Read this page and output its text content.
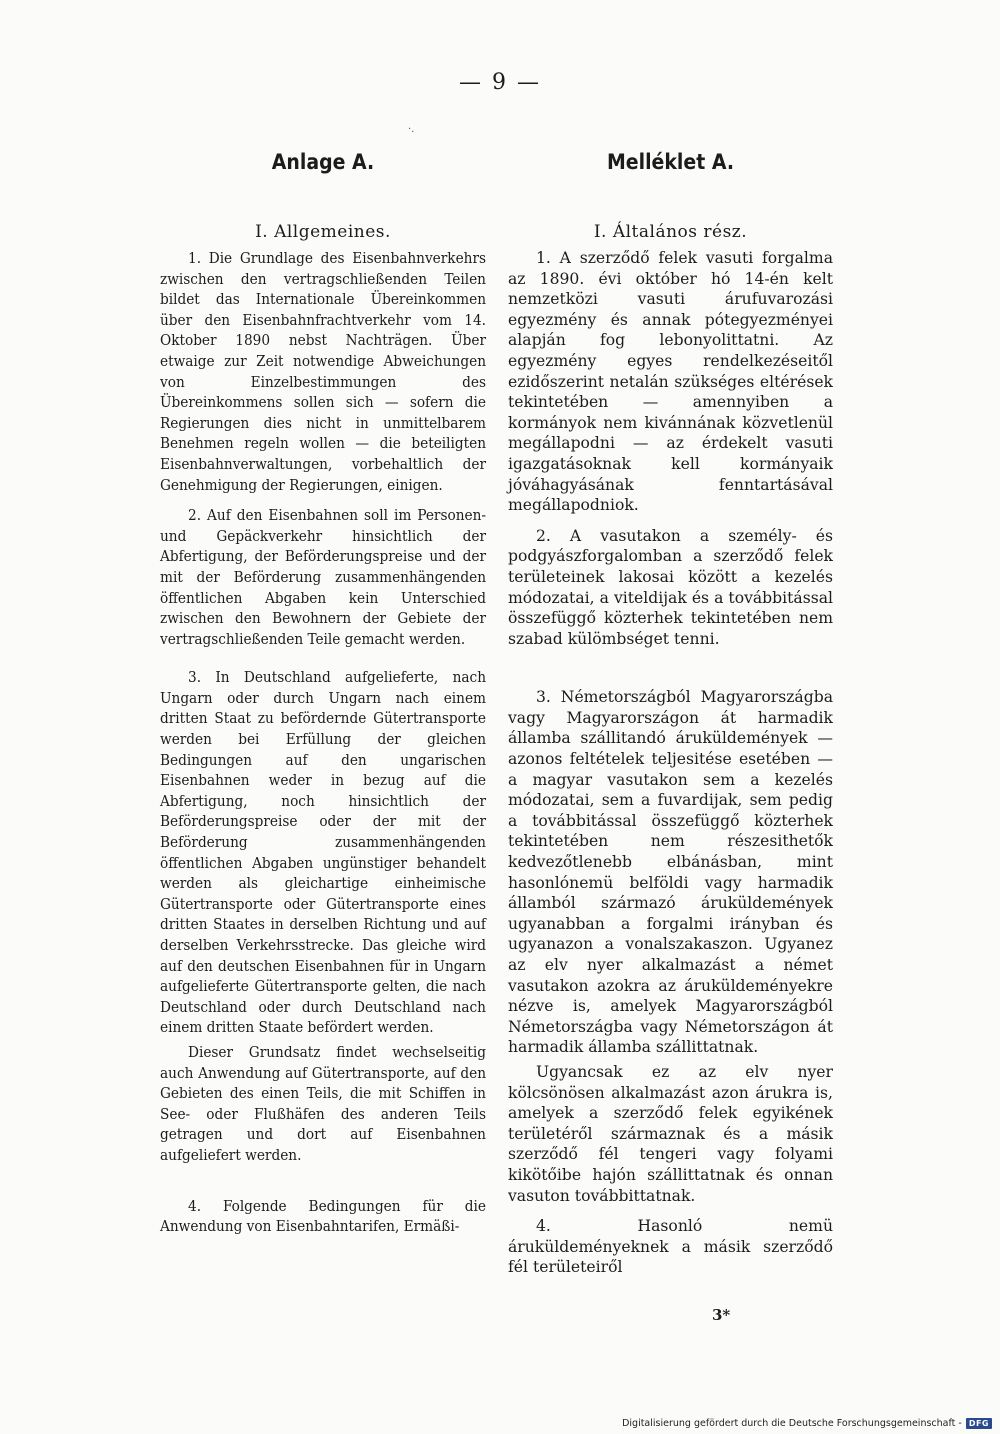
— 9 —
·.
Anlage A.
I. Allgemeines.

1. Die Grundlage des Eisenbahnverkehrs zwischen den vertragschließenden Teilen bildet das Internationale Übereinkommen über den Eisenbahnfrachtverkehr vom 14. Oktober 1890 nebst Nachträgen. Über etwaige zur Zeit notwendige Abweichungen von Einzelbestimmungen des Übereinkommens sollen sich — sofern die Regierungen dies nicht in unmittelbarem Benehmen regeln wollen — die beteiligten Eisenbahnverwaltungen, vorbehaltlich der Genehmigung der Regierungen, einigen.

2. Auf den Eisenbahnen soll im Personen- und Gepäckverkehr hinsichtlich der Abfertigung, der Beförderungspreise und der mit der Beförderung zusammenhängenden öffentlichen Abgaben kein Unterschied zwischen den Bewohnern der Gebiete der vertragschließenden Teile gemacht werden.

3. In Deutschland aufgelieferte, nach Ungarn oder durch Ungarn nach einem dritten Staat zu befördernde Gütertransporte werden bei Erfüllung der gleichen Bedingungen auf den ungarischen Eisenbahnen weder in bezug auf die Abfertigung, noch hinsichtlich der Beförderungspreise oder der mit der Beförderung zusammenhängenden öffentlichen Abgaben ungünstiger behandelt werden als gleichartige einheimische Gütertransporte oder Gütertransporte eines dritten Staates in derselben Richtung und auf derselben Verkehrsstrecke. Das gleiche wird auf den deutschen Eisenbahnen für in Ungarn aufgelieferte Gütertransporte gelten, die nach Deutschland oder durch Deutschland nach einem dritten Staate befördert werden.

Dieser Grundsatz findet wechselseitig auch Anwendung auf Gütertransporte, auf den Gebieten des einen Teils, die mit Schiffen in See- oder Flußhäfen des anderen Teils getragen und dort auf Eisenbahnen aufgeliefert werden.

4. Folgende Bedingungen für die Anwendung von Eisenbahntarifen, Ermäßi-

Melléklet A.
I. Általános rész.

1. A szerződő felek vasuti forgalma az 1890. évi október hó 14-én kelt nemzetközi vasuti árufuvarozási egyezmény és annak pótegyezményei alapján fog lebonyolittatni. Az egyezmény egyes rendelkezéseitől ezidőszerint netalán szükséges eltérések tekintetében — amennyiben a kormányok nem kivánnának közvetlenül megállapodni — az érdekelt vasuti igazgatásoknak kell kormányaik jóváhagyásának fenntartásával megállapodniok.

2. A vasutakon a személy- és podgyászforgalomban a szerződő felek területeinek lakosai között a kezelés módozatai, a viteldijak és a továbbitással összefüggő közterhek tekintetében nem szabad külömbséget tenni.

3. Németországból Magyarországba vagy Magyarországon át harmadik államba szállitandó áruküldemények — azonos feltételek teljesitése esetében — a magyar vasutakon sem a kezelés módozatai, sem a fuvardijak, sem pedig a továbbitással összefüggő közterhek tekintetében nem részesithetők kedvezőtlenebb elbánásban, mint hasonlónemü belföldi vagy harmadik államból származó áruküldemények ugyanabban a forgalmi irányban és ugyanazon a vonalszakaszon. Ugyanez az elv nyer alkalmazást a német vasutakon azokra az áruküldeményekre nézve is, amelyek Magyarországból Németországba vagy Németországon át harmadik államba szállittatnak.

Ugyancsak ez az elv nyer kölcsönösen alkalmazást azon árukra is, amelyek a szerződő felek egyikének területéről származnak és a másik szerződő fél tengeri vagy folyami kikötőibe hajón szállittatnak és onnan vasuton továbbittatnak.

4. Hasonló nemü áruküldeményeknek a másik szerződő fél területeiről

3*
Digitalisierung gefördert durch die Deutsche Forschungsgemeinschaft - DFG
